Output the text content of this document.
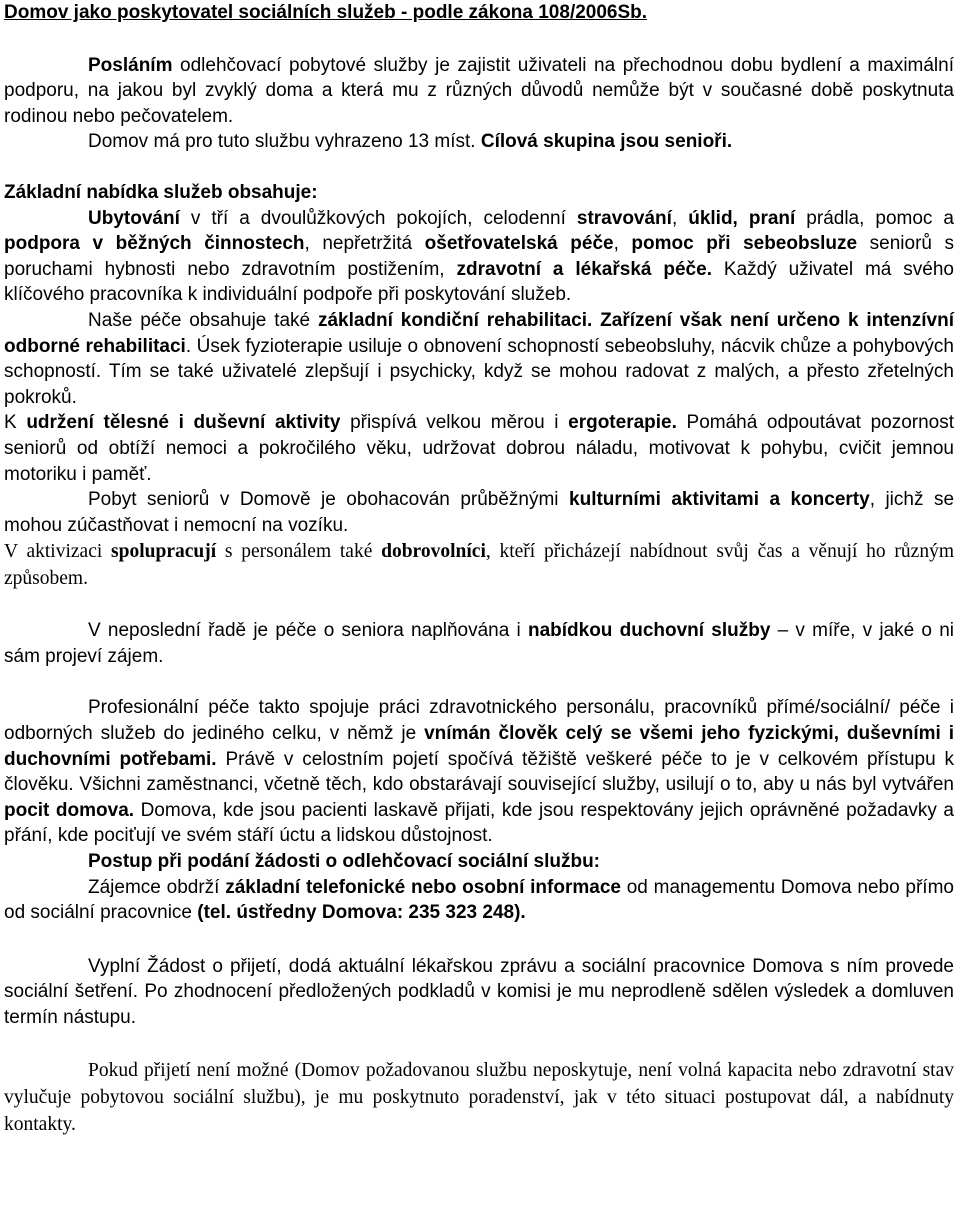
Domov jako poskytovatel sociálních služeb - podle zákona 108/2006Sb.

Posláním odlehčovací pobytové služby je zajistit uživateli na přechodnou dobu bydlení a maximální podporu, na jakou byl zvyklý doma a která mu z různých důvodů nemůže být v současné době poskytnuta rodinou nebo pečovatelem.

Domov má pro tuto službu vyhrazeno 13 míst. Cílová skupina jsou senioři.

Základní nabídka služeb obsahuje:

Ubytování v tří a dvoulůžkových pokojích, celodenní stravování, úklid, praní prádla, pomoc a podpora v běžných činnostech, nepřetržitá ošetřovatelská péče, pomoc při sebeobsluze seniorů s poruchami hybnosti nebo zdravotním postižením, zdravotní a lékařská péče. Každý uživatel má svého klíčového pracovníka k individuální podpoře při poskytování služeb.

Naše péče obsahuje také základní kondiční rehabilitaci. Zařízení však není určeno k intenzívní odborné rehabilitaci. Úsek fyzioterapie usiluje o obnovení schopností sebeobsluhy, nácvik chůze a pohybových schopností. Tím se také uživatelé zlepšují i psychicky, když se mohou radovat z malých, a přesto zřetelných pokroků.

K udržení tělesné i duševní aktivity přispívá velkou měrou i ergoterapie. Pomáhá odpoutávat pozornost seniorů od obtíží nemoci a pokročilého věku, udržovat dobrou náladu, motivovat k pohybu, cvičit jemnou motoriku i paměť.

Pobyt seniorů v Domově je obohacován průběžnými kulturními aktivitami a koncerty, jichž se mohou zúčastňovat i nemocní na vozíku.

V aktivizaci spolupracují s personálem také dobrovolníci, kteří přicházejí nabídnout svůj čas a věnují ho různým způsobem.

V neposlední řadě je péče o seniora naplňována i nabídkou duchovní služby – v míře, v jaké o ni sám projeví zájem.

Profesionální péče takto spojuje práci zdravotnického personálu, pracovníků přímé/sociální/ péče i odborných služeb do jediného celku, v němž je vnímán člověk celý se všemi jeho fyzickými, duševními i duchovními potřebami. Právě v celostním pojetí spočívá těžiště veškeré péče to je v celkovém přístupu k člověku. Všichni zaměstnanci, včetně těch, kdo obstarávají související služby, usilují o to, aby u nás byl vytvářen pocit domova. Domova, kde jsou pacienti laskavě přijati, kde jsou respektovány jejich oprávněné požadavky a přání, kde pociťují ve svém stáří úctu a lidskou důstojnost.

Postup při podání žádosti o odlehčovací sociální službu:

Zájemce obdrží základní telefonické nebo osobní informace od managementu Domova nebo přímo od sociální pracovnice (tel. ústředny Domova: 235 323 248).

Vyplní Žádost o přijetí, dodá aktuální lékařskou zprávu a sociální pracovnice Domova s ním provede sociální šetření. Po zhodnocení předložených podkladů v komisi je mu neprodleně sdělen výsledek a domluven termín nástupu.

Pokud přijetí není možné (Domov požadovanou službu neposkytuje, není volná kapacita nebo zdravotní stav vylučuje pobytovou sociální službu), je mu poskytnuto poradenství, jak v této situaci postupovat dál, a nabídnuty kontakty.
